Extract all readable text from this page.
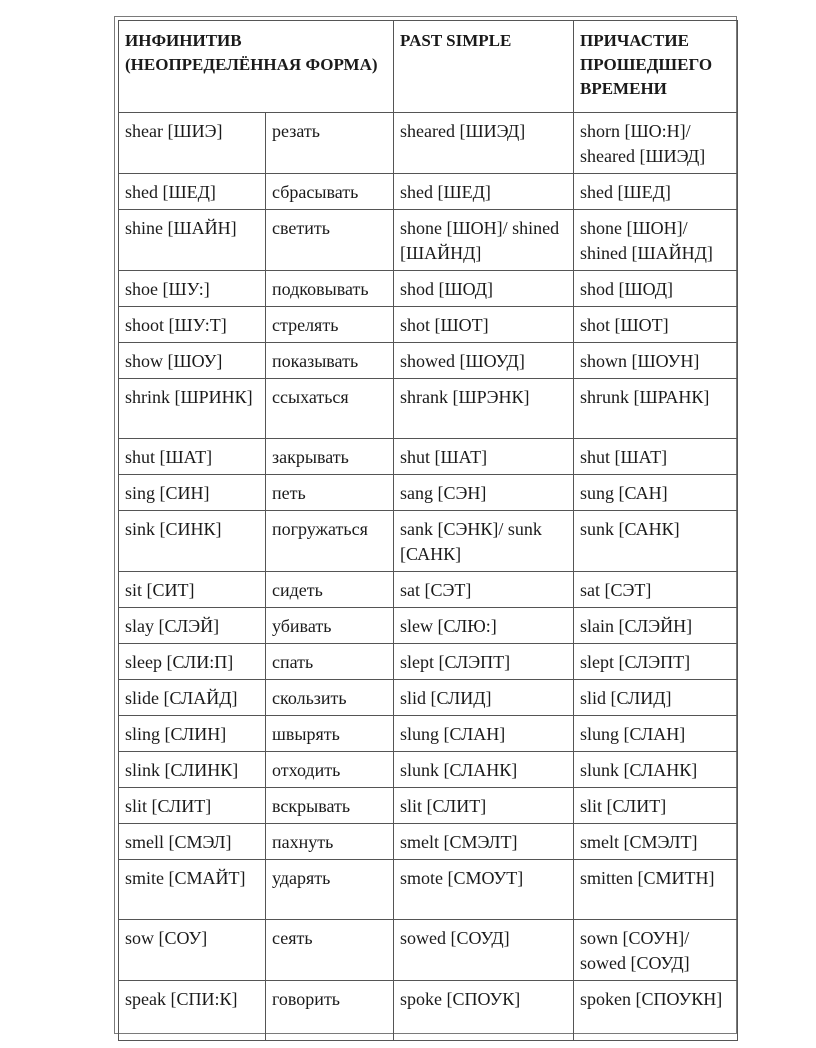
ИНФИНИТИВ (НЕОПРЕДЕЛЁННАЯ ФОРМА)		PAST SIMPLE	ПРИЧАСТИЕ ПРОШЕДШЕГО ВРЕМЕНИ
shear [ШИЭ]	резать	sheared [ШИЭД]	shorn [ШО:Н]/ sheared [ШИЭД]
shed [ШЕД]	сбрасывать	shed [ШЕД]	shed [ШЕД]
shine [ШАЙН]	светить	shone [ШОН]/ shined [ШАЙНД]	shone [ШОН]/ shined [ШАЙНД]
shoe [ШУ:]	подковывать	shod [ШОД]	shod [ШОД]
shoot [ШУ:Т]	стрелять	shot [ШОТ]	shot [ШОТ]
show [ШОУ]	показывать	showed [ШОУД]	shown [ШОУН]
shrink [ШРИНК]	ссыхаться	shrank [ШРЭНК]	shrunk [ШРАНК]
shut [ШАТ]	закрывать	shut [ШАТ]	shut [ШАТ]
sing [СИН]	петь	sang [СЭН]	sung [САН]
sink [СИНК]	погружаться	sank [СЭНК]/ sunk [САНК]	sunk [САНК]
sit [СИТ]	сидеть	sat [СЭТ]	sat [СЭТ]
slay [СЛЭЙ]	убивать	slew [СЛЮ:]	slain [СЛЭЙН]
sleep [СЛИ:П]	спать	slept [СЛЭПТ]	slept [СЛЭПТ]
slide [СЛАЙД]	скользить	slid [СЛИД]	slid [СЛИД]
sling [СЛИН]	швырять	slung [СЛАН]	slung [СЛАН]
slink [СЛИНК]	отходить	slunk [СЛАНК]	slunk [СЛАНК]
slit [СЛИТ]	вскрывать	slit [СЛИТ]	slit [СЛИТ]
smell [СМЭЛ]	пахнуть	smelt [СМЭЛТ]	smelt [СМЭЛТ]
smite [СМАЙТ]	ударять	smote [СМОУТ]	smitten [СМИТН]
sow [СОУ]	сеять	sowed [СОУД]	sown [СОУН]/ sowed [СОУД]
speak [СПИ:К]	говорить	spoke [СПОУК]	spoken [СПОУКН]
